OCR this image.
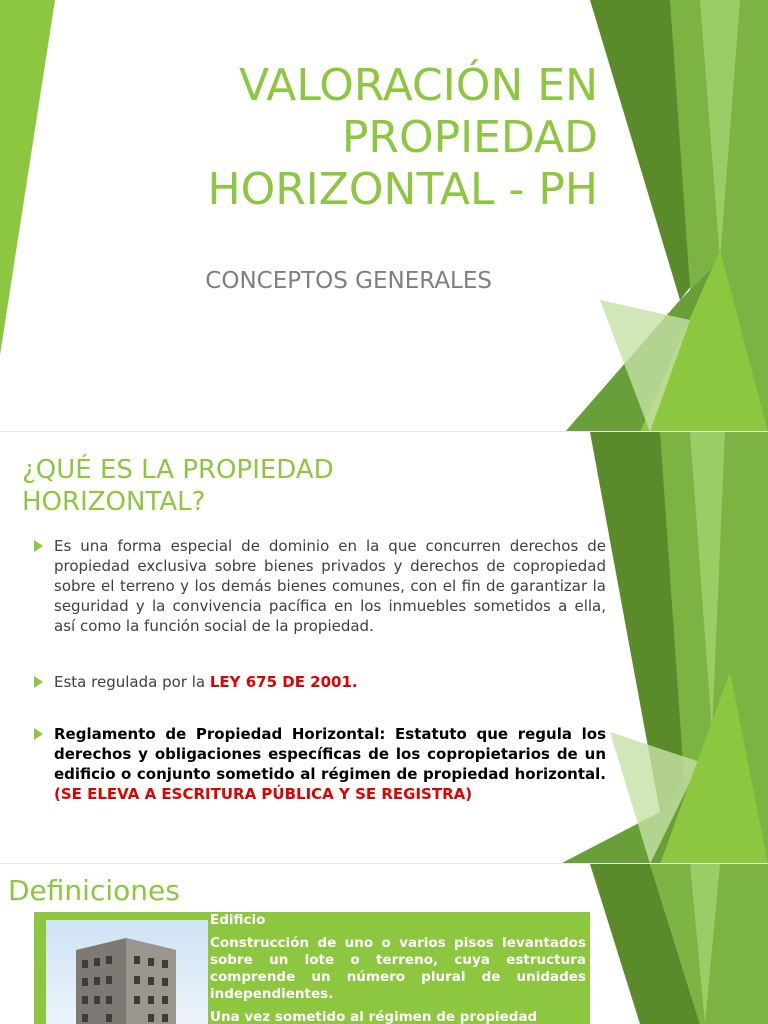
VALORACIÓN EN
PROPIEDAD
HORIZONTAL - PH

CONCEPTOS GENERALES

¿QUÉ ES LA PROPIEDAD
HORIZONTAL?
Es una forma especial de dominio en la que concurren derechos de propiedad exclusiva sobre bienes privados y derechos de copropiedad sobre el terreno y los demás bienes comunes, con el fin de garantizar la seguridad y la convivencia pacífica en los inmuebles sometidos a ella, así como la función social de la propiedad.
Esta regulada por la LEY 675 DE 2001.
Reglamento de Propiedad Horizontal: Estatuto que regula los derechos y obligaciones específicas de los copropietarios de un edificio o conjunto sometido al régimen de propiedad horizontal. (SE ELEVA A ESCRITURA PÚBLICA Y SE REGISTRA)
Definiciones

Edificio

Construcción de uno o varios pisos levantados sobre un lote o terreno, cuya estructura comprende un número plural de unidades independientes.

Una vez sometido al régimen de propiedad
